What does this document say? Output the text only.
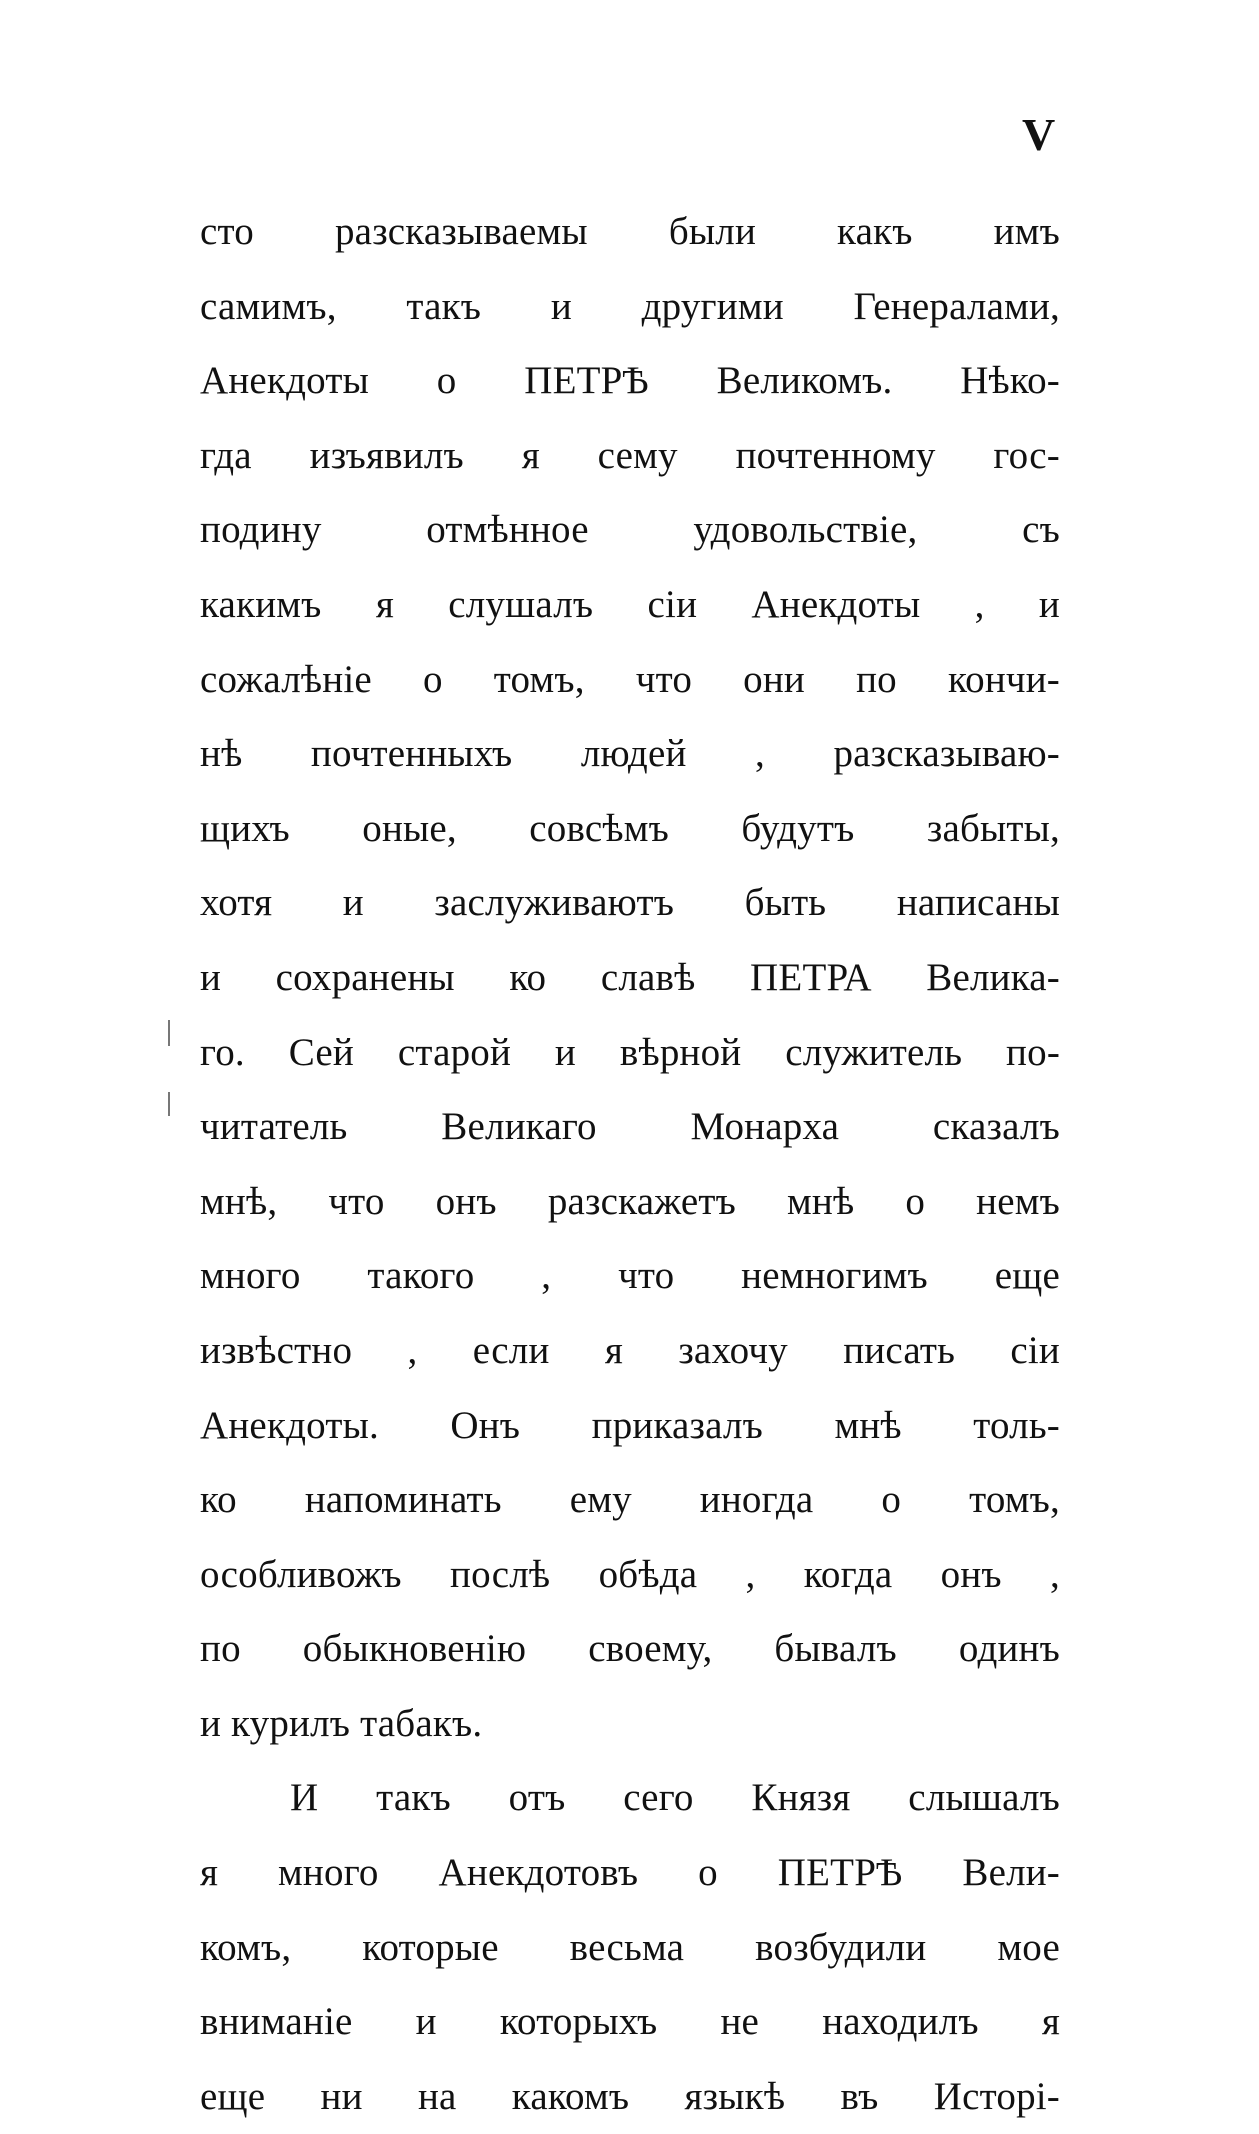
V
сто разсказываемы были какъ имъ
самимъ, такъ и другими Генералами,
Анекдоты о ПЕТРѢ Великомъ. Нѣко-
гда изъявилъ я сему почтенному гос-
подину отмѣнное удовольствіе, съ
какимъ я слушалъ сіи Анекдоты , и
сожалѣніе о томъ, что они по кончи-
нѣ почтенныхъ людей , разсказываю-
щихъ оные, совсѣмъ будутъ забыты,
хотя и заслуживаютъ быть написаны
и сохранены ко славѣ ПЕТРА Велика-
го. Сей старой и вѣрной служитель по-
читатель Великаго Монарха сказалъ
мнѣ, что онъ разскажетъ мнѣ о немъ
много такого , что немногимъ еще
извѣстно , если я захочу писать сіи
Анекдоты. Онъ приказалъ мнѣ толь-
ко напоминать ему иногда о томъ,
особливожъ послѣ обѣда , когда онъ ,
по обыкновенію своему, бывалъ одинъ
и курилъ табакъ.
И такъ отъ сего Князя слышалъ
я много Анекдотовъ о ПЕТРѢ Вели-
комъ, которые весьма возбудили мое
вниманіе и которыхъ не находилъ я
еще ни на какомъ языкѣ въ Исторі-
